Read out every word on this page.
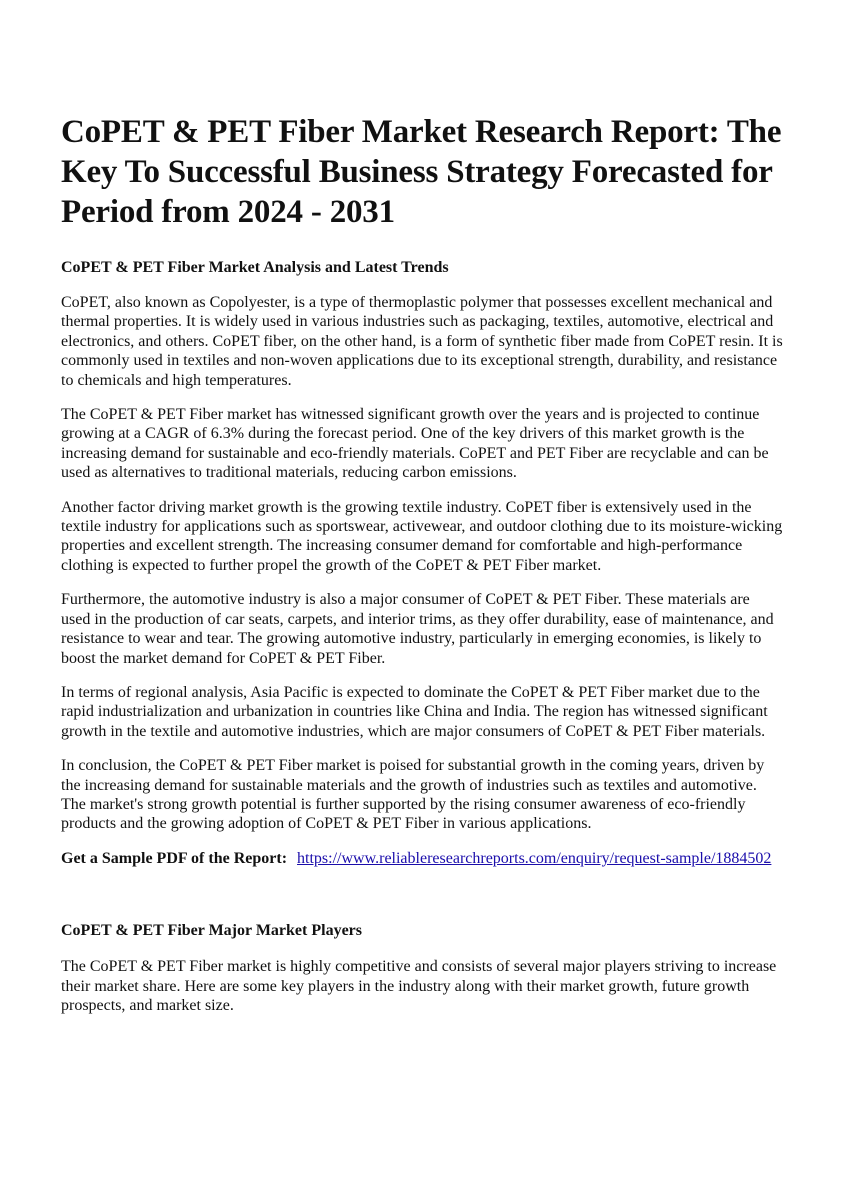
CoPET & PET Fiber Market Research Report: The Key To Successful Business Strategy Forecasted for Period from 2024 - 2031
CoPET & PET Fiber Market Analysis and Latest Trends

CoPET, also known as Copolyester, is a type of thermoplastic polymer that possesses excellent mechanical and thermal properties. It is widely used in various industries such as packaging, textiles, automotive, electrical and electronics, and others. CoPET fiber, on the other hand, is a form of synthetic fiber made from CoPET resin. It is commonly used in textiles and non-woven applications due to its exceptional strength, durability, and resistance to chemicals and high temperatures.

The CoPET & PET Fiber market has witnessed significant growth over the years and is projected to continue growing at a CAGR of 6.3% during the forecast period. One of the key drivers of this market growth is the increasing demand for sustainable and eco-friendly materials. CoPET and PET Fiber are recyclable and can be used as alternatives to traditional materials, reducing carbon emissions.

Another factor driving market growth is the growing textile industry. CoPET fiber is extensively used in the textile industry for applications such as sportswear, activewear, and outdoor clothing due to its moisture-wicking properties and excellent strength. The increasing consumer demand for comfortable and high-performance clothing is expected to further propel the growth of the CoPET & PET Fiber market.

Furthermore, the automotive industry is also a major consumer of CoPET & PET Fiber. These materials are used in the production of car seats, carpets, and interior trims, as they offer durability, ease of maintenance, and resistance to wear and tear. The growing automotive industry, particularly in emerging economies, is likely to boost the market demand for CoPET & PET Fiber.

In terms of regional analysis, Asia Pacific is expected to dominate the CoPET & PET Fiber market due to the rapid industrialization and urbanization in countries like China and India. The region has witnessed significant growth in the textile and automotive industries, which are major consumers of CoPET & PET Fiber materials.

In conclusion, the CoPET & PET Fiber market is poised for substantial growth in the coming years, driven by the increasing demand for sustainable materials and the growth of industries such as textiles and automotive. The market's strong growth potential is further supported by the rising consumer awareness of eco-friendly products and the growing adoption of CoPET & PET Fiber in various applications.

Get a Sample PDF of the Report: https://www.reliableresearchreports.com/enquiry/request-sample/1884502
CoPET & PET Fiber Major Market Players

The CoPET & PET Fiber market is highly competitive and consists of several major players striving to increase their market share. Here are some key players in the industry along with their market growth, future growth prospects, and market size.
